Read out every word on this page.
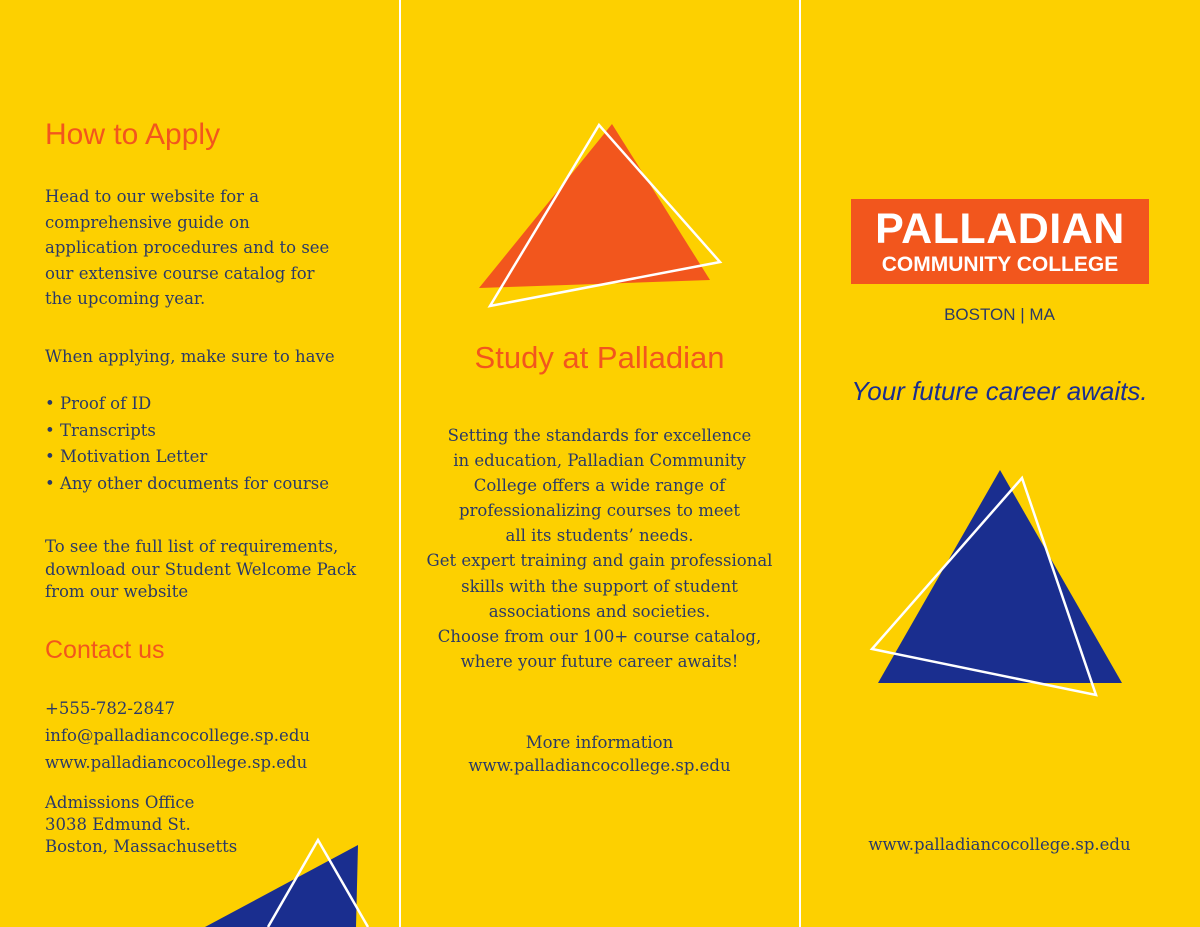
How to Apply
Head to our website for a comprehensive guide on application procedures and to see our extensive course catalog for the upcoming year.
When applying, make sure to have
• Proof of ID
• Transcripts
• Motivation Letter
• Any other documents for course
To see the full list of requirements, download our Student Welcome Pack from our website
Contact us
+555-782-2847
info@palladiancocollege.sp.edu
www.palladiancocollege.sp.edu
Admissions Office
3038 Edmund St.
Boston, Massachusetts
Study at Palladian
Setting the standards for excellence
in education, Palladian Community
College offers a wide range of
professionalizing courses to meet
all its students’ needs.
Get expert training and gain professional
skills with the support of student
associations and societies.
Choose from our 100+ course catalog,
where your future career awaits!
More information
www.palladiancocollege.sp.edu
PALLADIAN
COMMUNITY COLLEGE
BOSTON | MA
Your future career awaits.
www.palladiancocollege.sp.edu
